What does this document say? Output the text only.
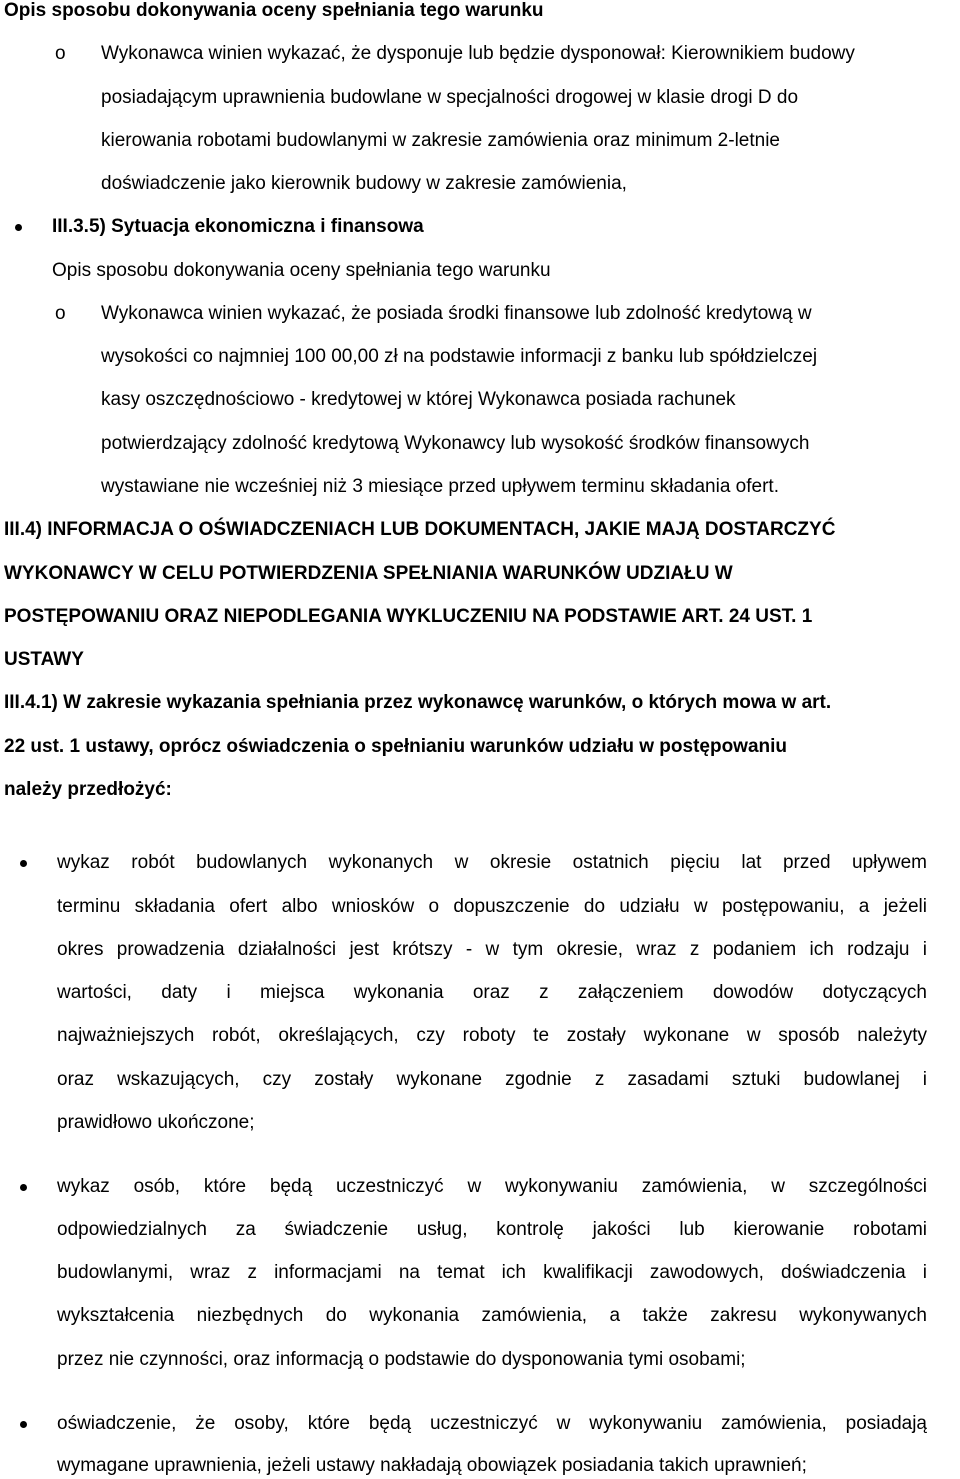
Opis sposobu dokonywania oceny spełniania tego warunku
o Wykonawca winien wykazać, że dysponuje lub będzie dysponował: Kierownikiem budowy
posiadającym uprawnienia budowlane w specjalności drogowej w klasie drogi D do
kierowania robotami budowlanymi w zakresie zamówienia oraz minimum 2-letnie
doświadczenie jako kierownik budowy w zakresie zamówienia,
III.3.5) Sytuacja ekonomiczna i finansowa
Opis sposobu dokonywania oceny spełniania tego warunku
o Wykonawca winien wykazać, że posiada środki finansowe lub zdolność kredytową w
wysokości co najmniej 100 00,00 zł na podstawie informacji z banku lub spółdzielczej
kasy oszczędnościowo - kredytowej w której Wykonawca posiada rachunek
potwierdzający zdolność kredytową Wykonawcy lub wysokość środków finansowych
wystawiane nie wcześniej niż 3 miesiące przed upływem terminu składania ofert.
III.4) INFORMACJA O OŚWIADCZENIACH LUB DOKUMENTACH, JAKIE MAJĄ DOSTARCZYĆ
WYKONAWCY W CELU POTWIERDZENIA SPEŁNIANIA WARUNKÓW UDZIAŁU W
POSTĘPOWANIU ORAZ NIEPODLEGANIA WYKLUCZENIU NA PODSTAWIE ART. 24 UST. 1
USTAWY
III.4.1) W zakresie wykazania spełniania przez wykonawcę warunków, o których mowa w art.
22 ust. 1 ustawy, oprócz oświadczenia o spełnianiu warunków udziału w postępowaniu
należy przedłożyć:
wykaz robót budowlanych wykonanych w okresie ostatnich pięciu lat przed upływem
terminu składania ofert albo wniosków o dopuszczenie do udziału w postępowaniu, a jeżeli
okres prowadzenia działalności jest krótszy - w tym okresie, wraz z podaniem ich rodzaju i
wartości, daty i miejsca wykonania oraz z załączeniem dowodów dotyczących
najważniejszych robót, określających, czy roboty te zostały wykonane w sposób należyty
oraz wskazujących, czy zostały wykonane zgodnie z zasadami sztuki budowlanej i
prawidłowo ukończone;
wykaz osób, które będą uczestniczyć w wykonywaniu zamówienia, w szczególności
odpowiedzialnych za świadczenie usług, kontrolę jakości lub kierowanie robotami
budowlanymi, wraz z informacjami na temat ich kwalifikacji zawodowych, doświadczenia i
wykształcenia niezbędnych do wykonania zamówienia, a także zakresu wykonywanych
przez nie czynności, oraz informacją o podstawie do dysponowania tymi osobami;
oświadczenie, że osoby, które będą uczestniczyć w wykonywaniu zamówienia, posiadają
wymagane uprawnienia, jeżeli ustawy nakładają obowiązek posiadania takich uprawnień;
